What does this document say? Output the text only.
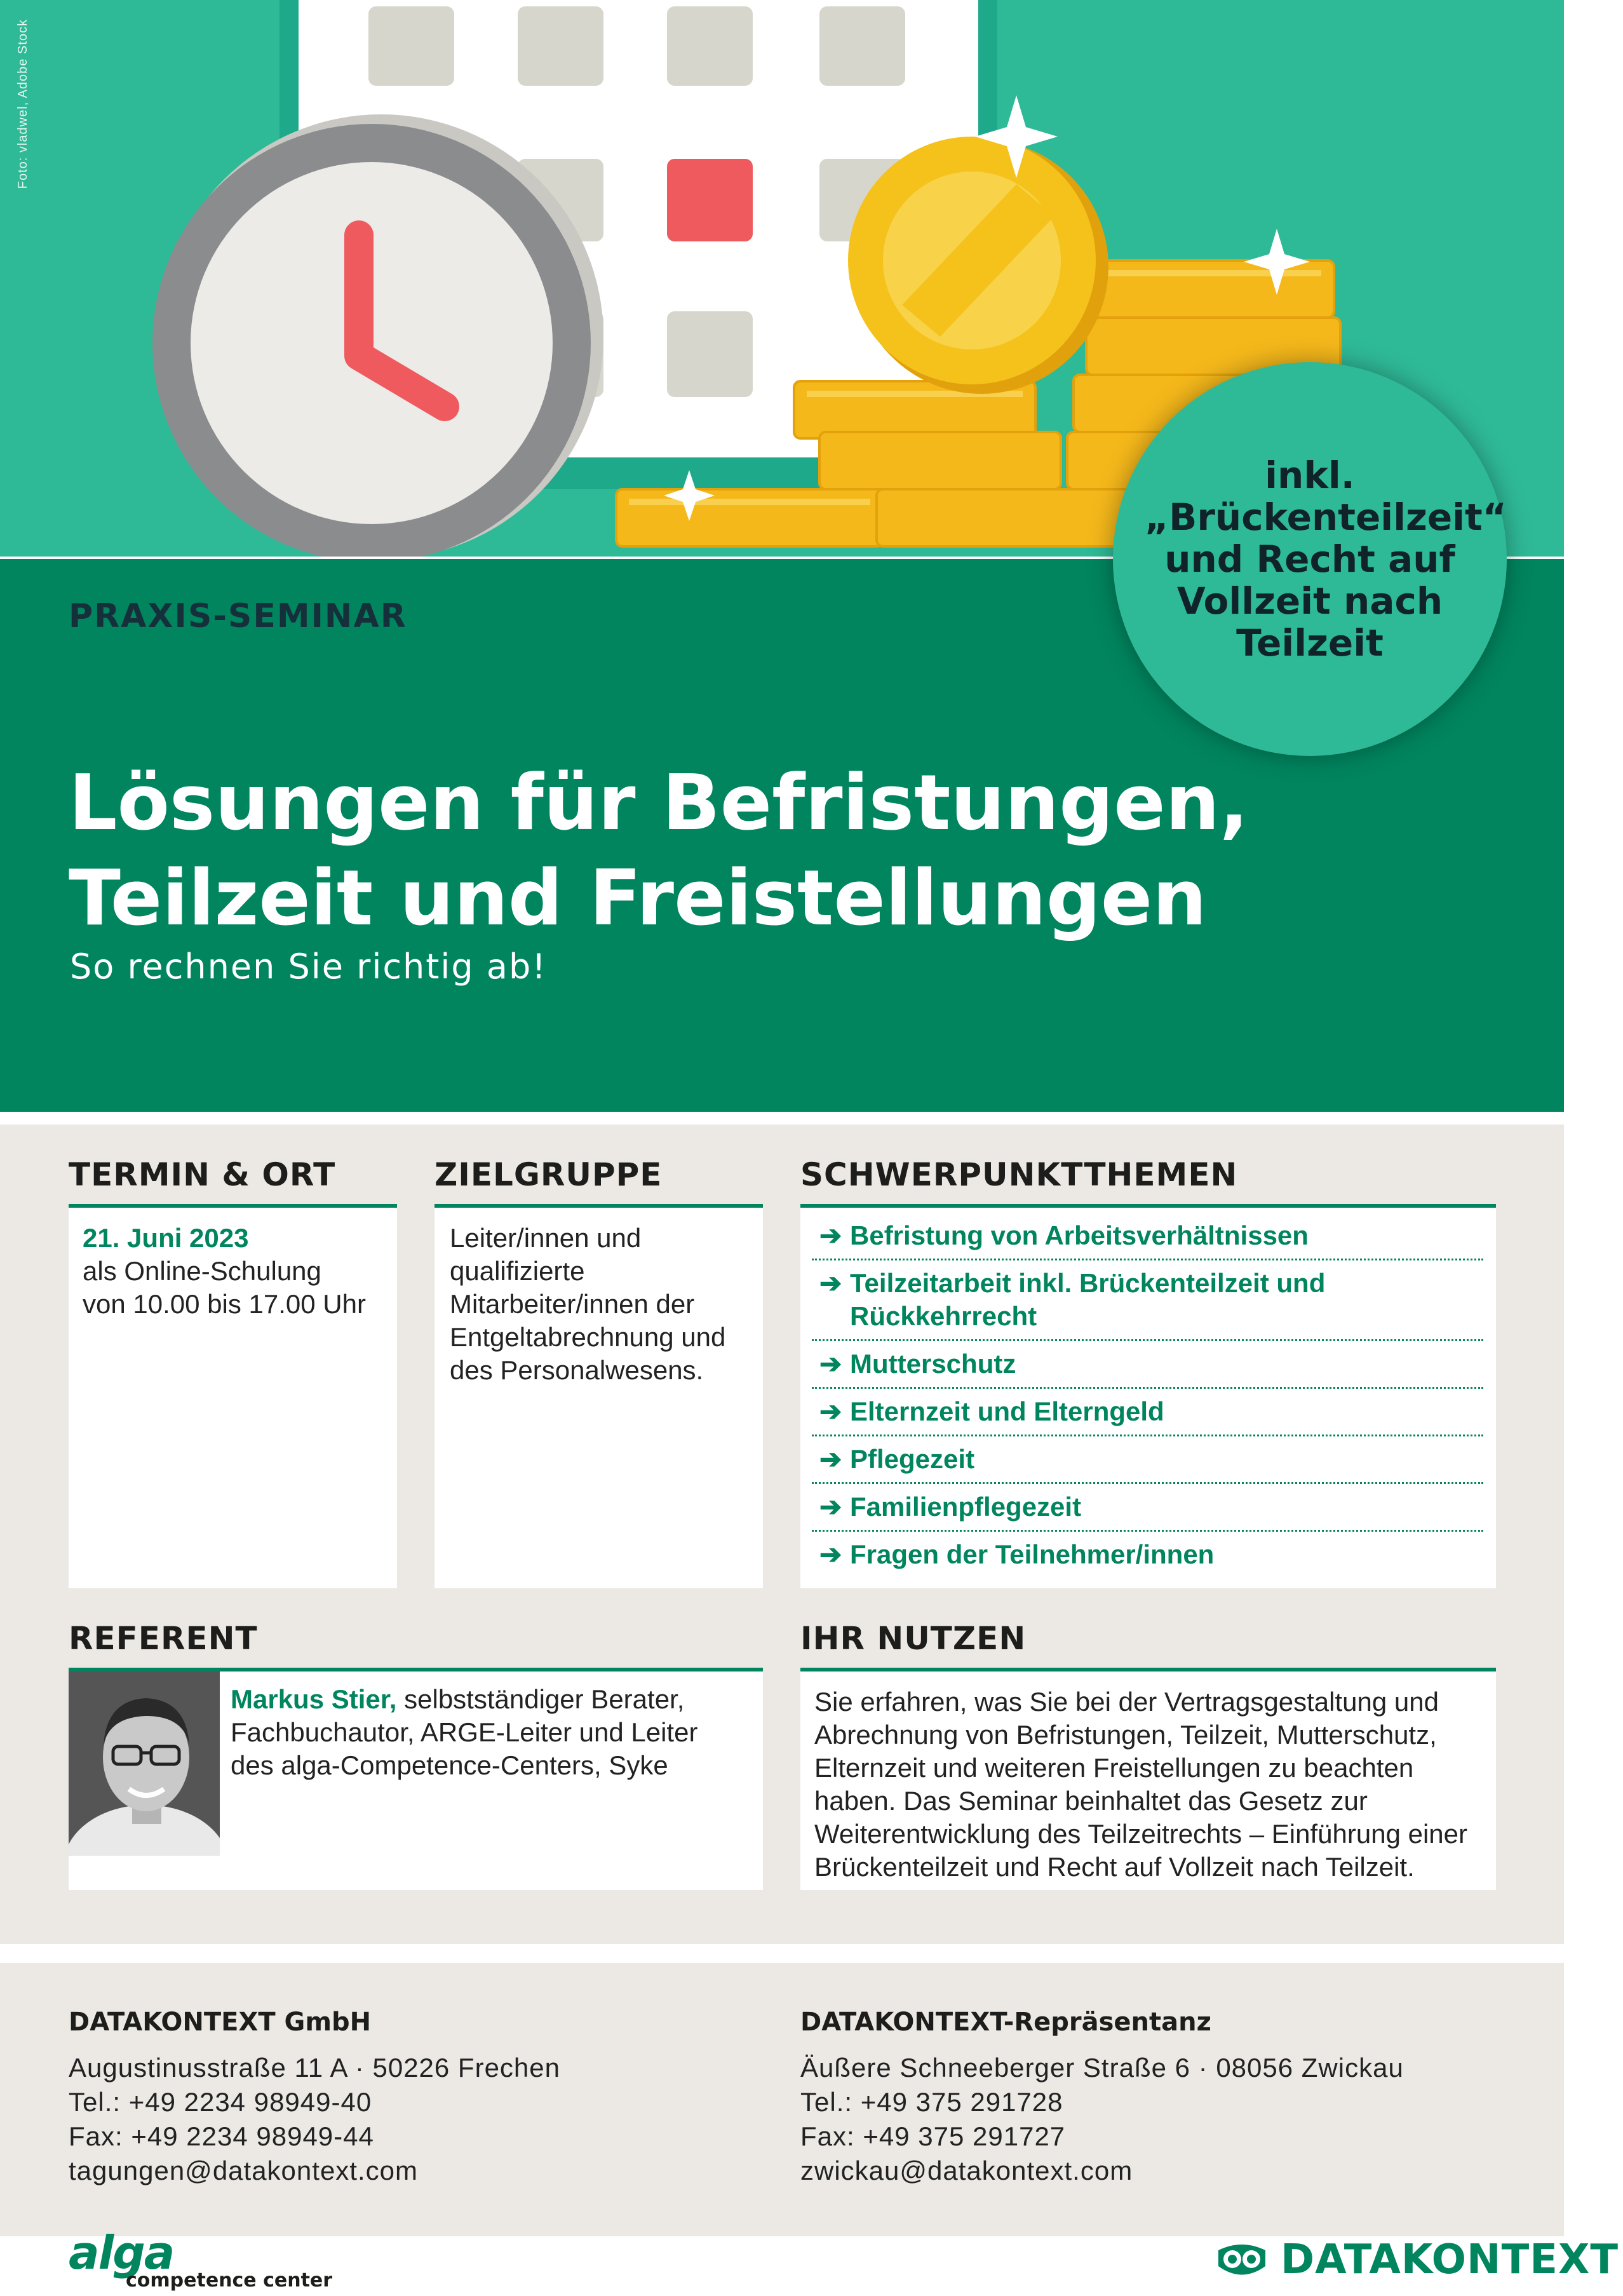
Foto: vladwel, Adobe Stock
PRAXIS-SEMINAR
Lösungen für Befristungen,
Teilzeit und Freistellungen
So rechnen Sie richtig ab!
inkl. „Brückenteilzeit“ und Recht auf Vollzeit nach Teilzeit
TERMIN & ORT
21. Juni 2023
als Online-Schulung
von 10.00 bis 17.00 Uhr
ZIELGRUPPE
Leiter/innen und qualifizierte Mitarbeiter/innen der Entgeltabrechnung und des Personalwesens.
SCHWERPUNKTTHEMEN
➔ Befristung von Arbeitsverhältnissen
➔ Teilzeitarbeit inkl. Brückenteilzeit und Rückkehrrecht
➔ Mutterschutz
➔ Elternzeit und Elterngeld
➔ Pflegezeit
➔ Familienpflegezeit
➔ Fragen der Teilnehmer/innen
REFERENT
Markus Stier, selbstständiger Berater, Fachbuchautor, ARGE-Leiter und Leiter des alga-Competence-Centers, Syke
IHR NUTZEN
Sie erfahren, was Sie bei der Vertragsgestaltung und Abrechnung von Befristungen, Teilzeit, Mutterschutz, Elternzeit und weiteren Freistellungen zu beachten haben. Das Seminar beinhaltet das Gesetz zur Weiterentwicklung des Teilzeitrechts – Einführung einer Brückenteilzeit und Recht auf Vollzeit nach Teilzeit.
DATAKONTEXT GmbH
Augustinusstraße 11 A · 50226 Frechen
Tel.: +49 2234 98949-40
Fax: +49 2234 98949-44
tagungen@datakontext.com
DATAKONTEXT-Repräsentanz
Äußere Schneeberger Straße 6 · 08056 Zwickau
Tel.: +49 375 291728
Fax: +49 375 291727
zwickau@datakontext.com
alga
competence center	DATAKONTEXT
